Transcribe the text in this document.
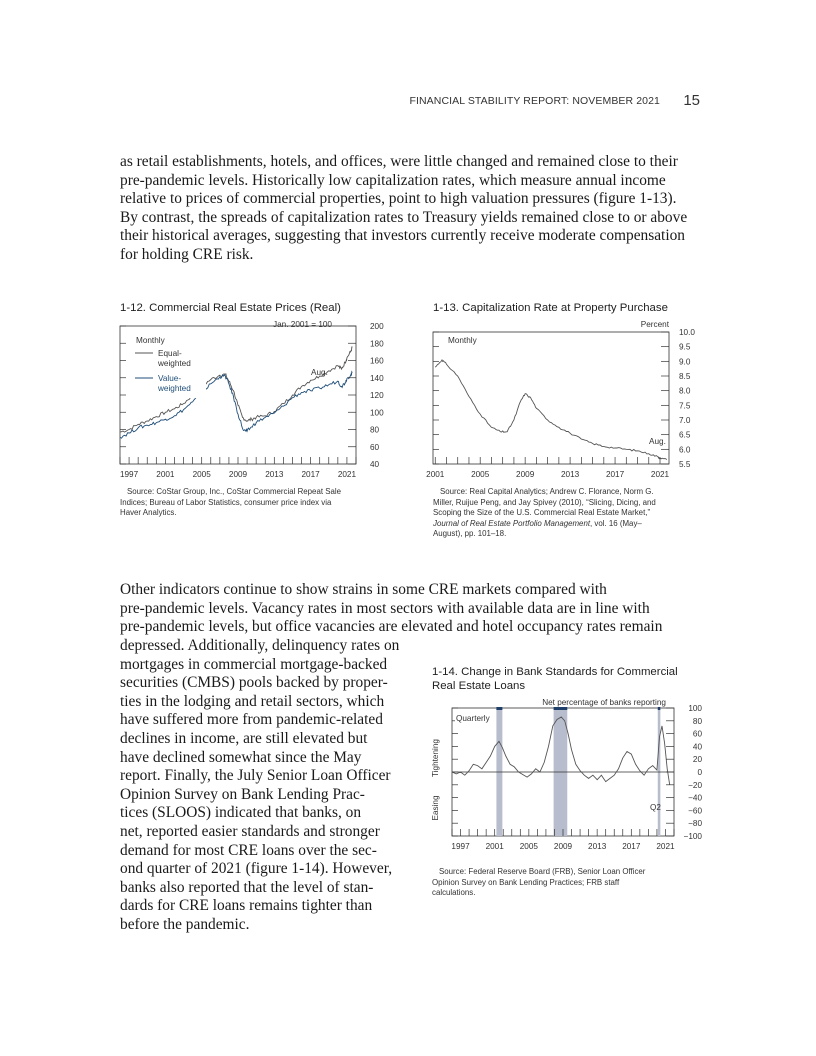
FINANCIAL STABILITY REPORT: NOVEMBER 2021 15

as retail establishments, hotels, and offices, were little changed and remained close to their

pre-pandemic levels. Historically low capitalization rates, which measure annual income

relative to prices of commercial properties, point to high valuation pressures (figure 1-13).

By contrast, the spreads of capitalization rates to Treasury yields remained close to or above

their historical averages, suggesting that investors currently receive moderate compensation

for holding CRE risk.

1-12. Commercial Real Estate Prices (Real)
40
60
80
100
120
140
160
180
200
1997 2001 2005 2009 2013 2017 2021
Jan. 2001 = 100
Monthly
Equal-
weighted
Value-
weighted
Aug.
Source: CoStar Group, Inc., CoStar Commercial Repeat Sale
Indices; Bureau of Labor Statistics, consumer price index via
Haver Analytics.
1-13. Capitalization Rate at Property Purchase
5.5
6.0
6.5
7.0
7.5
8.0
8.5
9.0
9.5
10.0
2001	2005	2009	2013	2017	2021
Percent
Monthly
Aug.
Source: Real Capital Analytics; Andrew C. Florance, Norm G.
Miller, Ruijue Peng, and Jay Spivey (2010), “Slicing, Dicing, and
Scoping the Size of the U.S. Commercial Real Estate Market,”
Journal of Real Estate Portfolio Management, vol. 16 (May–
August), pp. 101–18.

Other indicators continue to show strains in some CRE markets compared with

pre-pandemic levels. Vacancy rates in most sectors with available data are in line with

pre-pandemic levels, but office vacancies are elevated and hotel occupancy rates remain

depressed. Additionally, delinquency rates on

mortgages in commercial mortgage-backed

securities (CMBS) pools backed by proper-

ties in the lodging and retail sectors, which

have suffered more from pandemic-related

declines in income, are still elevated but

have declined somewhat since the May

report. Finally, the July Senior Loan Officer

Opinion Survey on Bank Lending Prac-

tices (SLOOS) indicated that banks, on

net, reported easier standards and stronger

demand for most CRE loans over the sec-

ond quarter of 2021 (figure 1-14). However,

banks also reported that the level of stan-

dards for CRE loans remains tighter than

before the pandemic.

1-14. Change in Bank Standards for Commercial
Real Estate Loans
1997 2001 2005 2009 2013 2017 2021
100
80
60
40
20
0
−20
−40
−60
−80
−100
Net percentage of banks reporting
Quarterly
Q2
Tightening
Easing
Source: Federal Reserve Board (FRB), Senior Loan Officer
Opinion Survey on Bank Lending Practices; FRB staff
calculations.
